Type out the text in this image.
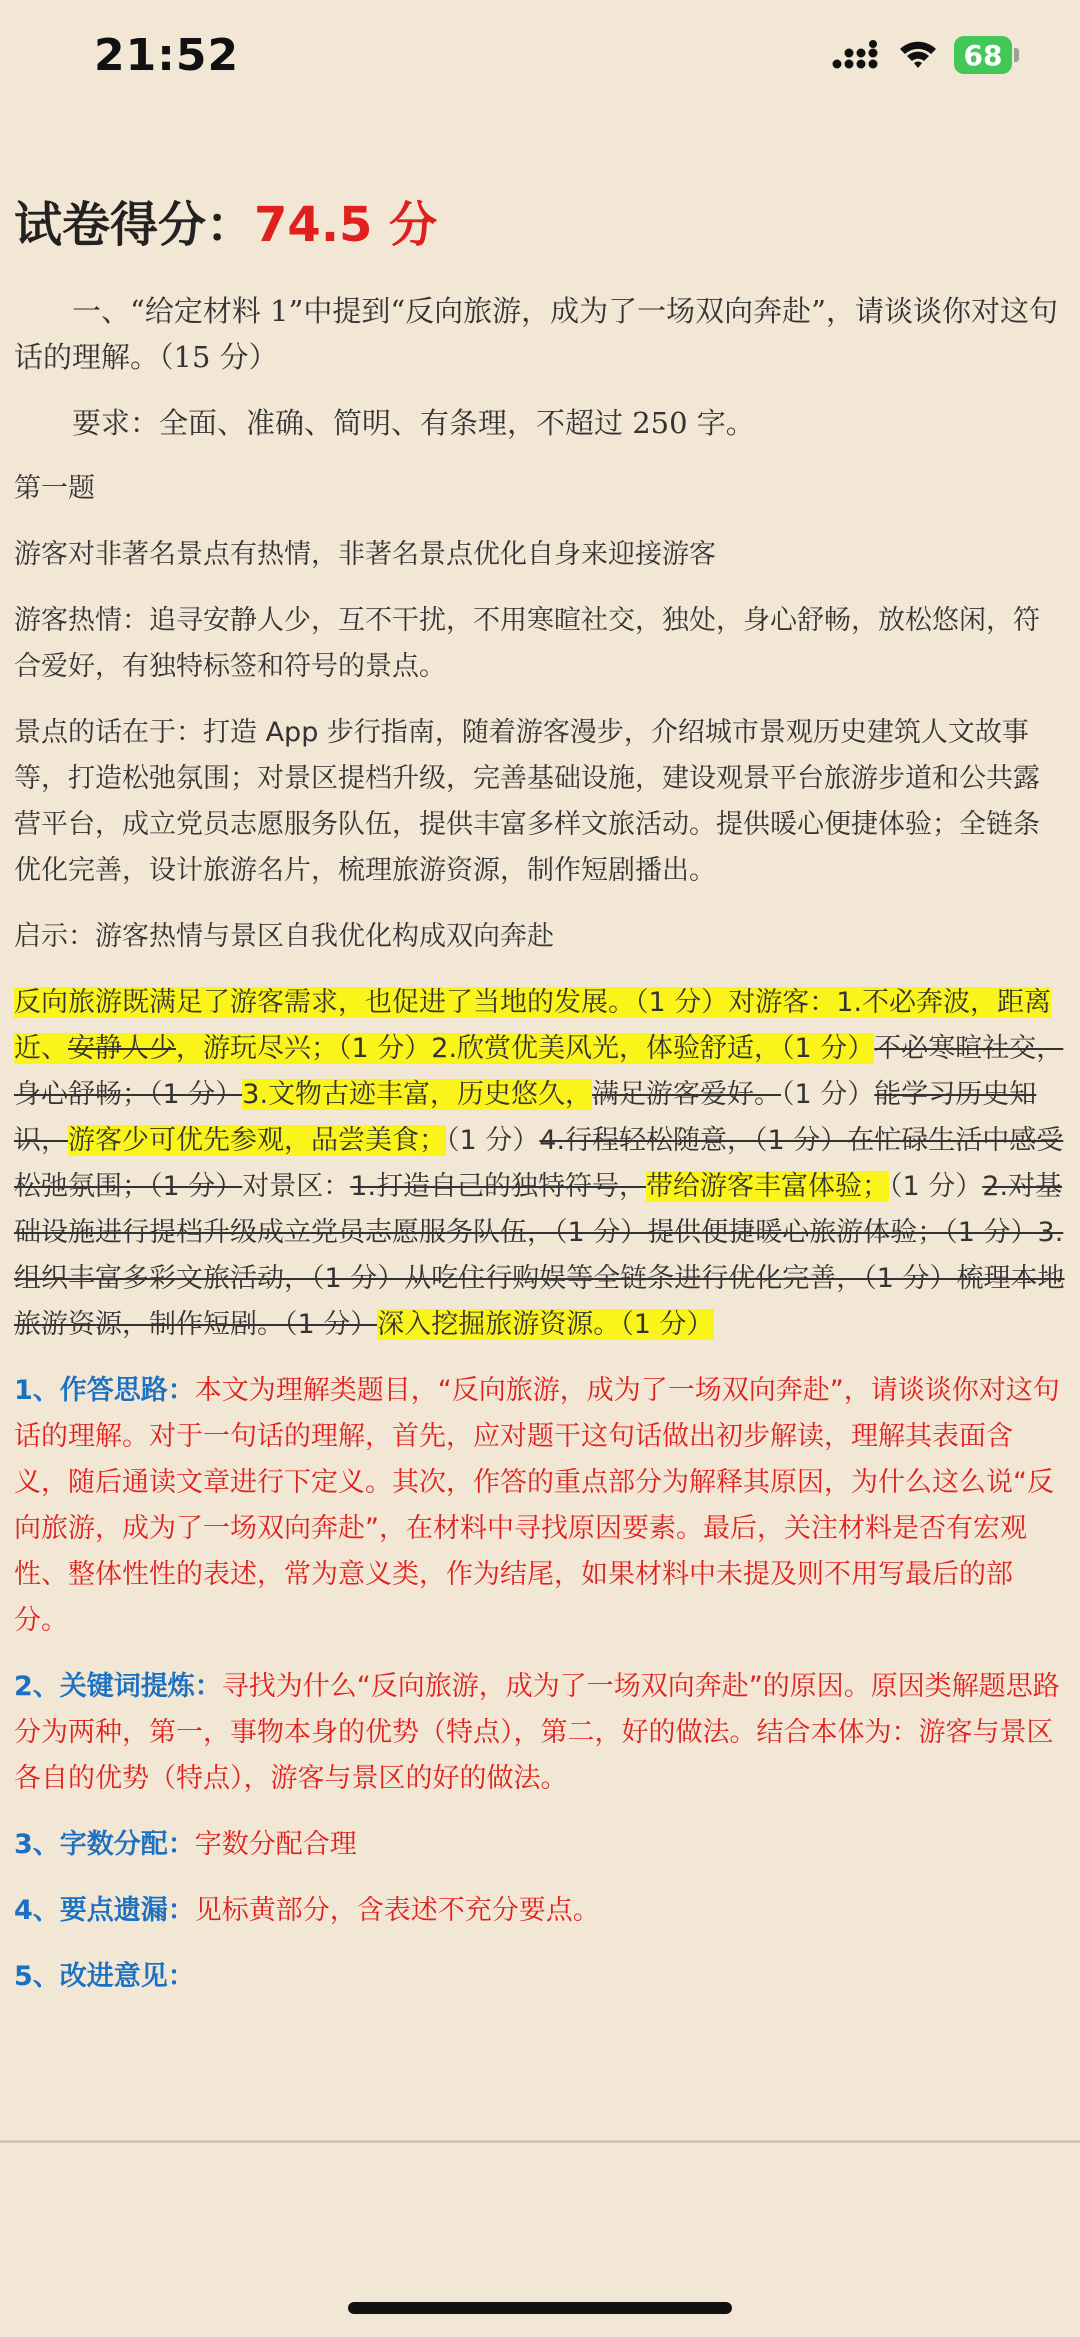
21:52	68
试卷得分：74.5 分

一、“给定材料 1”中提到“反向旅游，成为了一场双向奔赴”，请谈谈你对这句话的理解。（15 分）

要求：全面、准确、简明、有条理，不超过 250 字。

第一题

游客对非著名景点有热情，非著名景点优化自身来迎接游客

游客热情：追寻安静人少，互不干扰，不用寒暄社交，独处，身心舒畅，放松悠闲，符合爱好，有独特标签和符号的景点。

景点的话在于：打造 App 步行指南，随着游客漫步，介绍城市景观历史建筑人文故事等，打造松弛氛围；对景区提档升级，完善基础设施，建设观景平台旅游步道和公共露营平台，成立党员志愿服务队伍，提供丰富多样文旅活动。提供暖心便捷体验；全链条优化完善，设计旅游名片，梳理旅游资源，制作短剧播出。

启示：游客热情与景区自我优化构成双向奔赴

反向旅游既满足了游客需求，也促进了当地的发展。（1 分）对游客：1.不必奔波，距离近、安静人少，游玩尽兴；（1 分）2.欣赏优美风光，体验舒适，（1 分）不必寒暄社交，身心舒畅；（1 分）3.文物古迹丰富，历史悠久，满足游客爱好。（1 分）能学习历史知识，游客少可优先参观，品尝美食；（1 分）4.行程轻松随意，（1 分）在忙碌生活中感受松弛氛围；（1 分）对景区：1.打造自己的独特符号，带给游客丰富体验；（1 分）2.对基础设施进行提档升级成立党员志愿服务队伍，（1 分）提供便捷暖心旅游体验；（1 分）3.组织丰富多彩文旅活动，（1 分）从吃住行购娱等全链条进行优化完善，（1 分）梳理本地旅游资源，制作短剧。（1 分）深入挖掘旅游资源。（1 分）

1、作答思路：本文为理解类题目，“反向旅游，成为了一场双向奔赴”，请谈谈你对这句话的理解。对于一句话的理解，首先，应对题干这句话做出初步解读，理解其表面含义，随后通读文章进行下定义。其次，作答的重点部分为解释其原因，为什么这么说“反向旅游，成为了一场双向奔赴”，在材料中寻找原因要素。最后，关注材料是否有宏观性、整体性性的表述，常为意义类，作为结尾，如果材料中未提及则不用写最后的部分。

2、关键词提炼：寻找为什么“反向旅游，成为了一场双向奔赴”的原因。原因类解题思路分为两种，第一，事物本身的优势（特点），第二，好的做法。结合本体为：游客与景区各自的优势（特点），游客与景区的好的做法。

3、字数分配：字数分配合理

4、要点遗漏：见标黄部分，含表述不充分要点。

5、改进意见：
